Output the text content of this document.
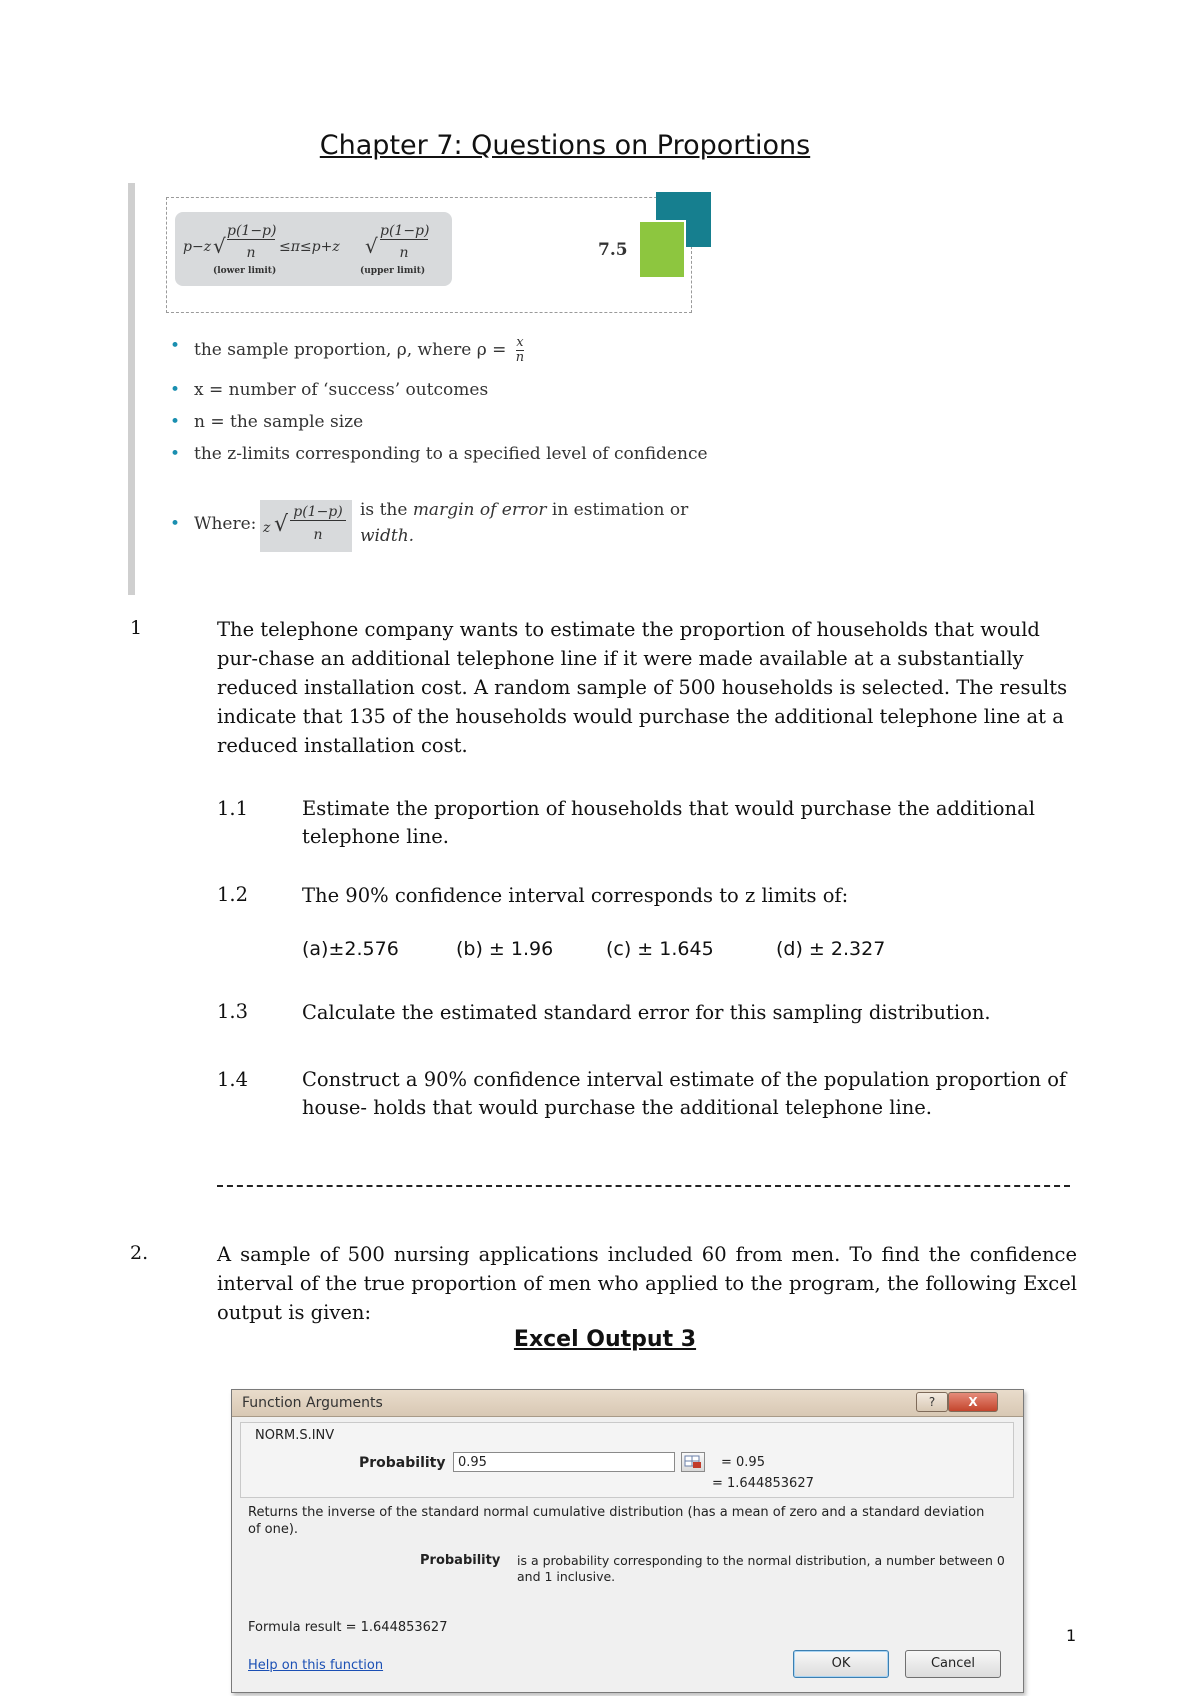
Chapter 7: Questions on Proportions
p−z √
p(1−p)
n	≤π≤p+z √
p(1−p)
n
(lower limit)	(upper limit)
7.5
• the sample proportion, ρ, where $\rho = \frac{x}{n}$
• x = number of ‘success’ outcomes
• n = the sample size
• the z-limits corresponding to a specified level of confidence
• Where: z √ p(1−p)
n
is the margin of error in estimation or
width.
1	The telephone company wants to estimate the proportion of households that would pur-chase an additional telephone line if it were made available at a substantially reduced installation cost. A random sample of 500 households is selected. The results indicate that 135 of the households would purchase the additional telephone line at a reduced installation cost.
1.1	Estimate the proportion of households that would purchase the additional telephone line.
1.2	The 90% confidence interval corresponds to z limits of:
(a)±2.576	(b) ± 1.96	(c) ± 1.645	(d) ± 2.327
1.3	Calculate the estimated standard error for this sampling distribution.
1.4	Construct a 90% confidence interval estimate of the population proportion of house- holds that would purchase the additional telephone line.
2.	A sample of 500 nursing applications included 60 from men. To find the confidence interval of the true proportion of men who applied to the program, the following Excel output is given:
Excel Output 3
Function Arguments	?	X
NORM.S.INV
Probability 0.95	= 0.95
= 1.644853627
Returns the inverse of the standard normal cumulative distribution (has a mean of zero and a standard deviation of one).
Probability is a probability corresponding to the normal distribution, a number between 0 and 1 inclusive.
Formula result = 1.644853627
Help on this function	OK	Cancel
1
